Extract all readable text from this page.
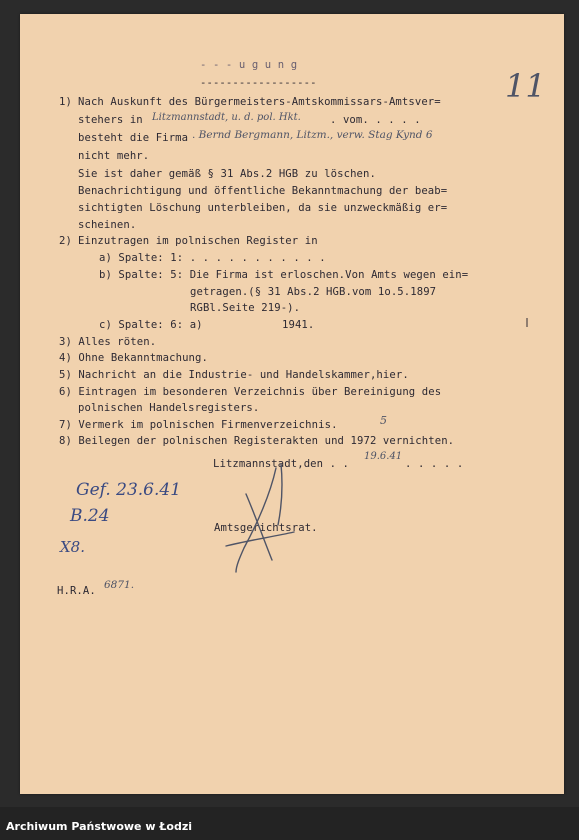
- - - u g u n g
------------------	11
1) Nach Auskunft des Bürgermeisters-Amtskommissars-Amtsver=
stehers in Litzmannstadt, u. d. pol. Hkt.	. vom. . . . .
besteht die Firma . Bernd Bergmann, Litzm., verw. Stag Kynd 6
nicht mehr.
Sie ist daher gemäß § 31 Abs.2 HGB zu löschen.
Benachrichtigung und öffentliche Bekanntmachung der beab=
sichtigten Löschung unterbleiben, da sie unzweckmäßig er=
scheinen.
2) Einzutragen im polnischen Register in
a) Spalte: 1: . . . . . . . . . . .
b) Spalte: 5: Die Firma ist erloschen.Von Amts wegen ein=
getragen.(§ 31 Abs.2 HGB.vom 1o.5.1897
RGBl.Seite 219-).
c) Spalte: 6: a)	1941.
3) Alles röten.
4) Ohne Bekanntmachung.
5) Nachricht an die Industrie- und Handelskammer,hier.
6) Eintragen im besonderen Verzeichnis über Bereinigung des
polnischen Handelsregisters.
7) Vermerk im polnischen Firmenverzeichnis.	5
8) Beilegen der polnischen Registerakten und 1972 vernichten.
Litzmannstadt,den . .
19.6.41
. . . . .
Gef. 23.6.41
B.24
X8.
Amtsgerichtsrat.
H.R.A. 6871.
Archiwum Państwowe w Łodzi
